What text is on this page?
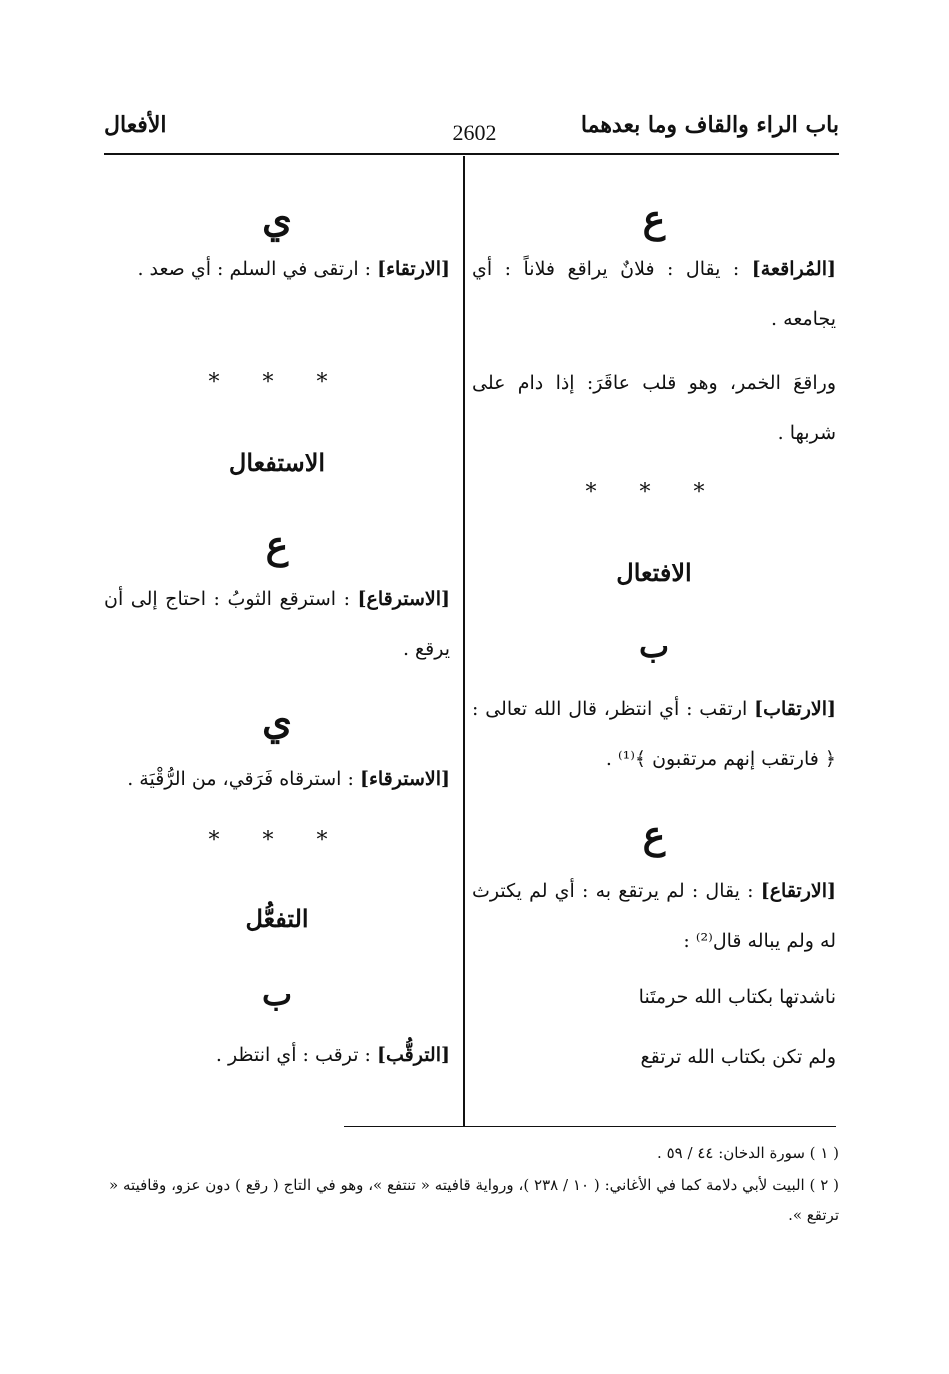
باب الراء والقاف وما بعدهما
2602
الأفعال
ع
[المُراقعة] : يقال : فلانٌ يراقع فلاناً : أي يجامعه .
وراقعَ الخمر، وهو قلب عاقَرَ: إذا دام على شربها .
* * *
الافتعال
ب
[الارتقاب] ارتقب : أي انتظر، قال الله تعالى : ﴿ فارتقب إنهم مرتقبون ﴾⁽¹⁾ .
ع
[الارتقاع] : يقال : لم يرتقع به : أي لم يكترث له ولم يباله قال⁽²⁾ :
ناشدتها بكتاب الله حرمتَنا
ولم تكن بكتاب الله ترتقع
ي
[الارتقاء] : ارتقى في السلم : أي صعد .
* * *
الاستفعال
ع
[الاسترقاع] : استرقع الثوبُ : احتاج إلى أن يرقع .
ي
[الاسترقاء] : استرقاه فَرَقي، من الرُّقْيَة .
* * *
التفعُّل
ب
[الترقُّب] : ترقب : أي انتظر .
( ١ ) سورة الدخان: ٤٤ / ٥٩ .
( ٢ ) البيت لأبي دلامة كما في الأغاني: ( ١٠ / ٢٣٨ )، ورواية قافيته « تنتفع »، وهو في التاج ( رقع ) دون عزو، وقافيته « ترتقع ».
